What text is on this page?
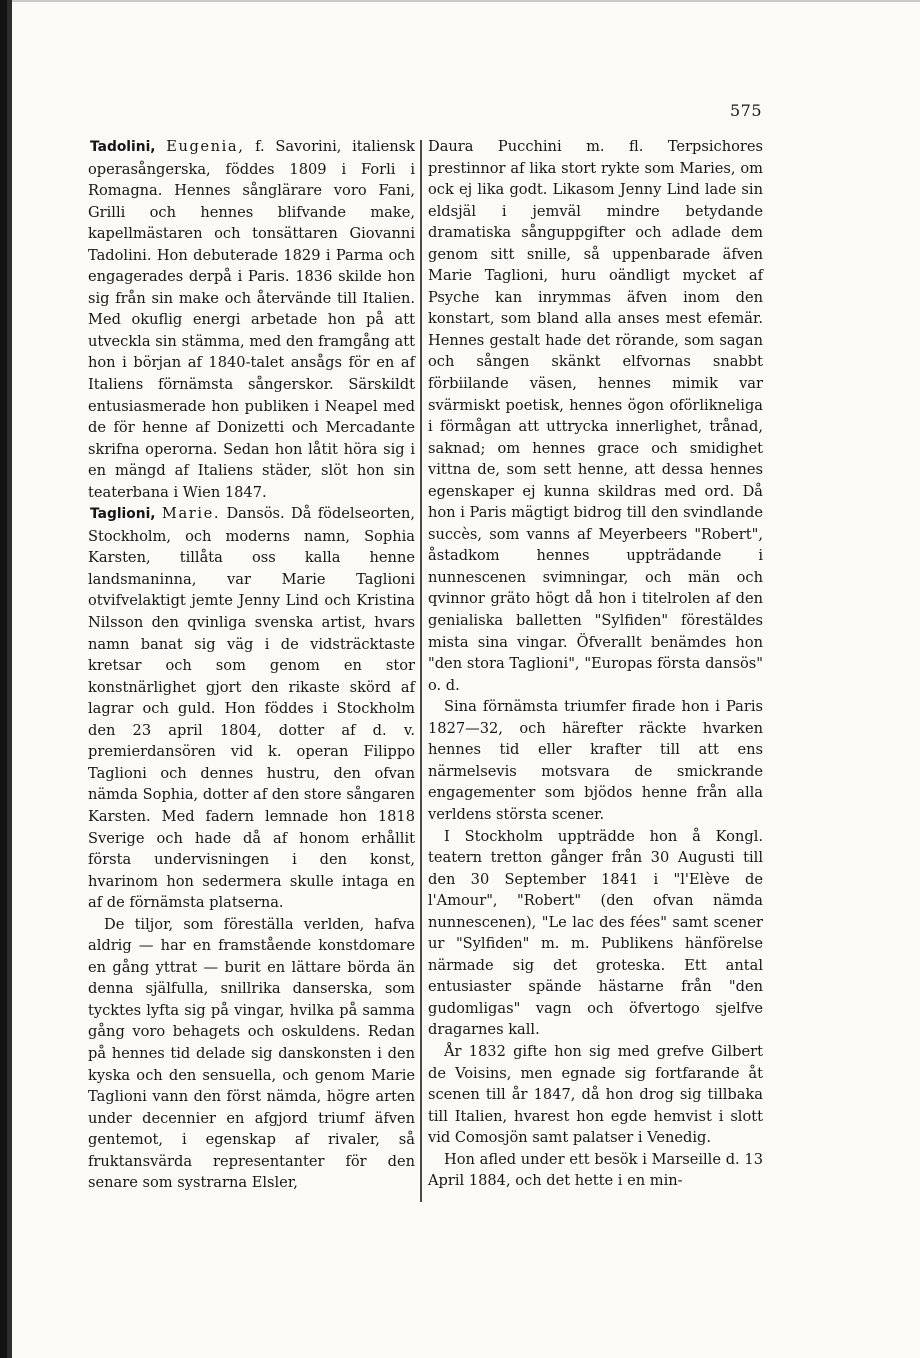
575

Tadolini, Eugenia, f. Savorini, italiensk operasångerska, föddes 1809 i Forli i Romagna. Hennes sånglärare voro Fani, Grilli och hennes blifvande make, kapellmästaren och tonsättaren Giovanni Tadolini. Hon debuterade 1829 i Parma och engagerades derpå i Paris. 1836 skilde hon sig från sin make och återvände till Italien. Med okuflig energi arbetade hon på att utveckla sin stämma, med den framgång att hon i början af 1840-talet ansågs för en af Italiens förnämsta sångerskor. Särskildt entusiasmerade hon publiken i Neapel med de för henne af Donizetti och Mercadante skrifna operorna. Sedan hon låtit höra sig i en mängd af Italiens städer, slöt hon sin teaterbana i Wien 1847.

Taglioni, Marie. Dansös. Då födelseorten, Stockholm, och moderns namn, Sophia Karsten, tillåta oss kalla henne landsmaninna, var Marie Taglioni otvifvelaktigt jemte Jenny Lind och Kristina Nilsson den qvinliga svenska artist, hvars namn banat sig väg i de vidsträcktaste kretsar och som genom en stor konstnärlighet gjort den rikaste skörd af lagrar och guld. Hon föddes i Stockholm den 23 april 1804, dotter af d. v. premierdansören vid k. operan Filippo Taglioni och dennes hustru, den ofvan nämda Sophia, dotter af den store sångaren Karsten. Med fadern lemnade hon 1818 Sverige och hade då af honom erhållit första undervisningen i den konst, hvarinom hon sedermera skulle intaga en af de förnämsta platserna.

De tiljor, som föreställa verlden, hafva aldrig — har en framstående konstdomare en gång yttrat — burit en lättare börda än denna själfulla, snillrika danserska, som tycktes lyfta sig på vingar, hvilka på samma gång voro behagets och oskuldens. Redan på hennes tid delade sig danskonsten i den kyska och den sensuella, och genom Marie Taglioni vann den först nämda, högre arten under decennier en afgjord triumf äfven gentemot, i egenskap af rivaler, så fruktansvärda representanter för den senare som systrarna Elsler,

Daura Pucchini m. fl. Terpsichores prestinnor af lika stort rykte som Maries, om ock ej lika godt. Likasom Jenny Lind lade sin eldsjäl i jemväl mindre betydande dramatiska sånguppgifter och adlade dem genom sitt snille, så uppenbarade äfven Marie Taglioni, huru oändligt mycket af Psyche kan inrymmas äfven inom den konstart, som bland alla anses mest efemär. Hennes gestalt hade det rörande, som sagan och sången skänkt elfvornas snabbt förbiilande väsen, hennes mimik var svärmiskt poetisk, hennes ögon oförlikneliga i förmågan att uttrycka innerlighet, trånad, saknad; om hennes grace och smidighet vittna de, som sett henne, att dessa hennes egenskaper ej kunna skildras med ord. Då hon i Paris mägtigt bidrog till den svindlande succès, som vanns af Meyerbeers "Robert", åstadkom hennes uppträdande i nunnescenen svimningar, och män och qvinnor gräto högt då hon i titelrolen af den genialiska balletten "Sylfiden" förestäldes mista sina vingar. Öfverallt benämdes hon "den stora Taglioni", "Europas första dansös" o. d.

Sina förnämsta triumfer firade hon i Paris 1827—32, och härefter räckte hvarken hennes tid eller krafter till att ens närmelsevis motsvara de smickrande engagementer som bjödos henne från alla verldens största scener.

I Stockholm uppträdde hon å Kongl. teatern tretton gånger från 30 Augusti till den 30 September 1841 i "l'Elève de l'Amour", "Robert" (den ofvan nämda nunnescenen), "Le lac des fées" samt scener ur "Sylfiden" m. m. Publikens hänförelse närmade sig det groteska. Ett antal entusiaster spände hästarne från "den gudomligas" vagn och öfvertogo sjelfve dragarnes kall.

År 1832 gifte hon sig med grefve Gilbert de Voisins, men egnade sig fortfarande åt scenen till år 1847, då hon drog sig tillbaka till Italien, hvarest hon egde hemvist i slott vid Comosjön samt palatser i Venedig.

Hon afled under ett besök i Marseille d. 13 April 1884, och det hette i en min-
